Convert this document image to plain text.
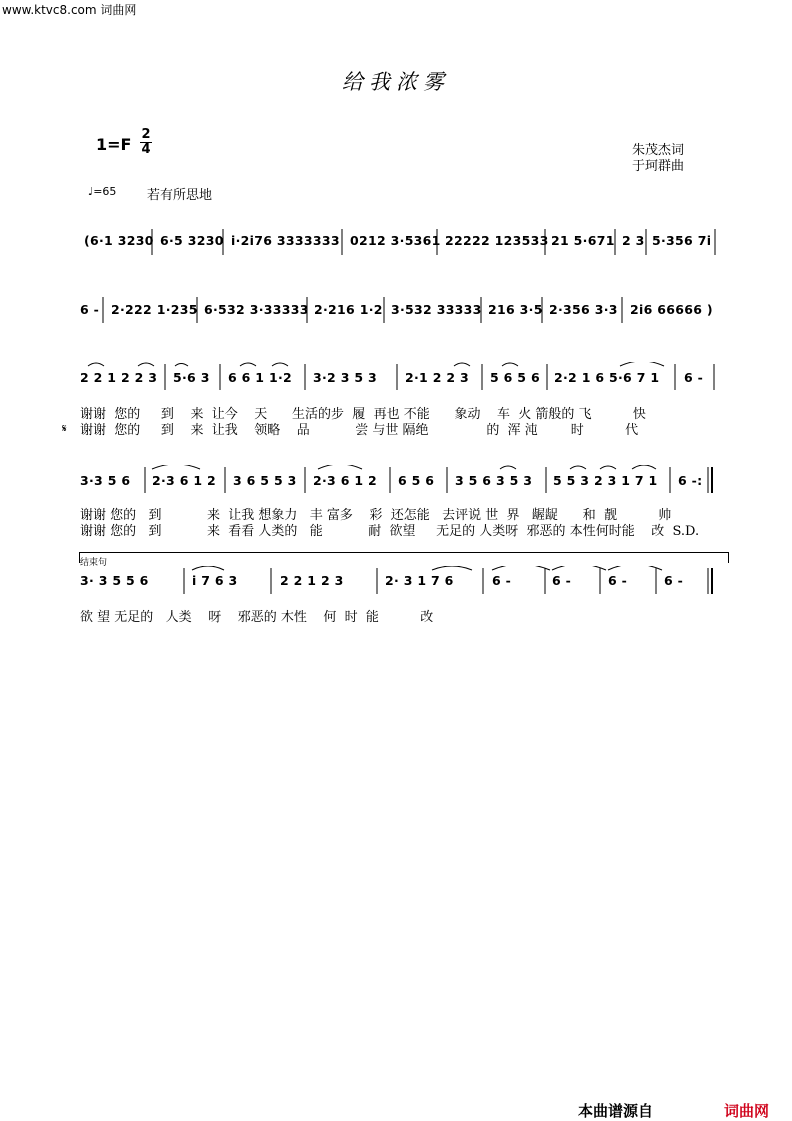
www.ktvc8.com 词曲网
给我浓雾
1=F
2
4	朱茂杰词
于珂群曲
♩=65 若有所思地
(6·1 3230 6·5 3230 i·2i76 3333333 0212 3·5361 22222 123533 21 5·671 2 3 5·356 7i
6 - 2·222 1·235 6·532 3·33333 2·216 1·2 3·532 33333 216 3·5 2·356 3·3 2i6 66666 )
2 2 1 2 2 3 5·6 3 6 6 1 1·2 3·2 3 5 3 2·1 2 2 3 5 6 5 6 2·2 1 6 5·6 7 1 6 -
谢谢  您的     到    来  让今    天      生活的步  履  再也 不能      象动    车  火 箭般的 飞          快
𝄋 谢谢  您的     到    来  让我    领略    品           尝 与世 隔绝              的  浑 沌        时          代
3·3 5 6 2·3 6 1 2 3 6 5 5 3 2·3 6 1 2 6 5 6 3 5 6 3 5 3 5 5 3 2 3 1 7 1 6 -:
谢谢 您的   到           来  让我 想象力   丰 富多    彩  还怎能   去评说 世  界   龌龊      和  靓          帅
谢谢 您的   到           来  看看 人类的   能           耐  欲望     无足的 人类呀  邪恶的 本性何时能    改  S.D.
结束句
3· 3 5 5 6	i 7 6 3	2 2 1 2 3	2· 3 1 7 6	6 -	6 -	6 -	6 -
欲 望 无足的   人类    呀    邪恶的 木性    何  时  能          改
本曲谱源自	词曲网
